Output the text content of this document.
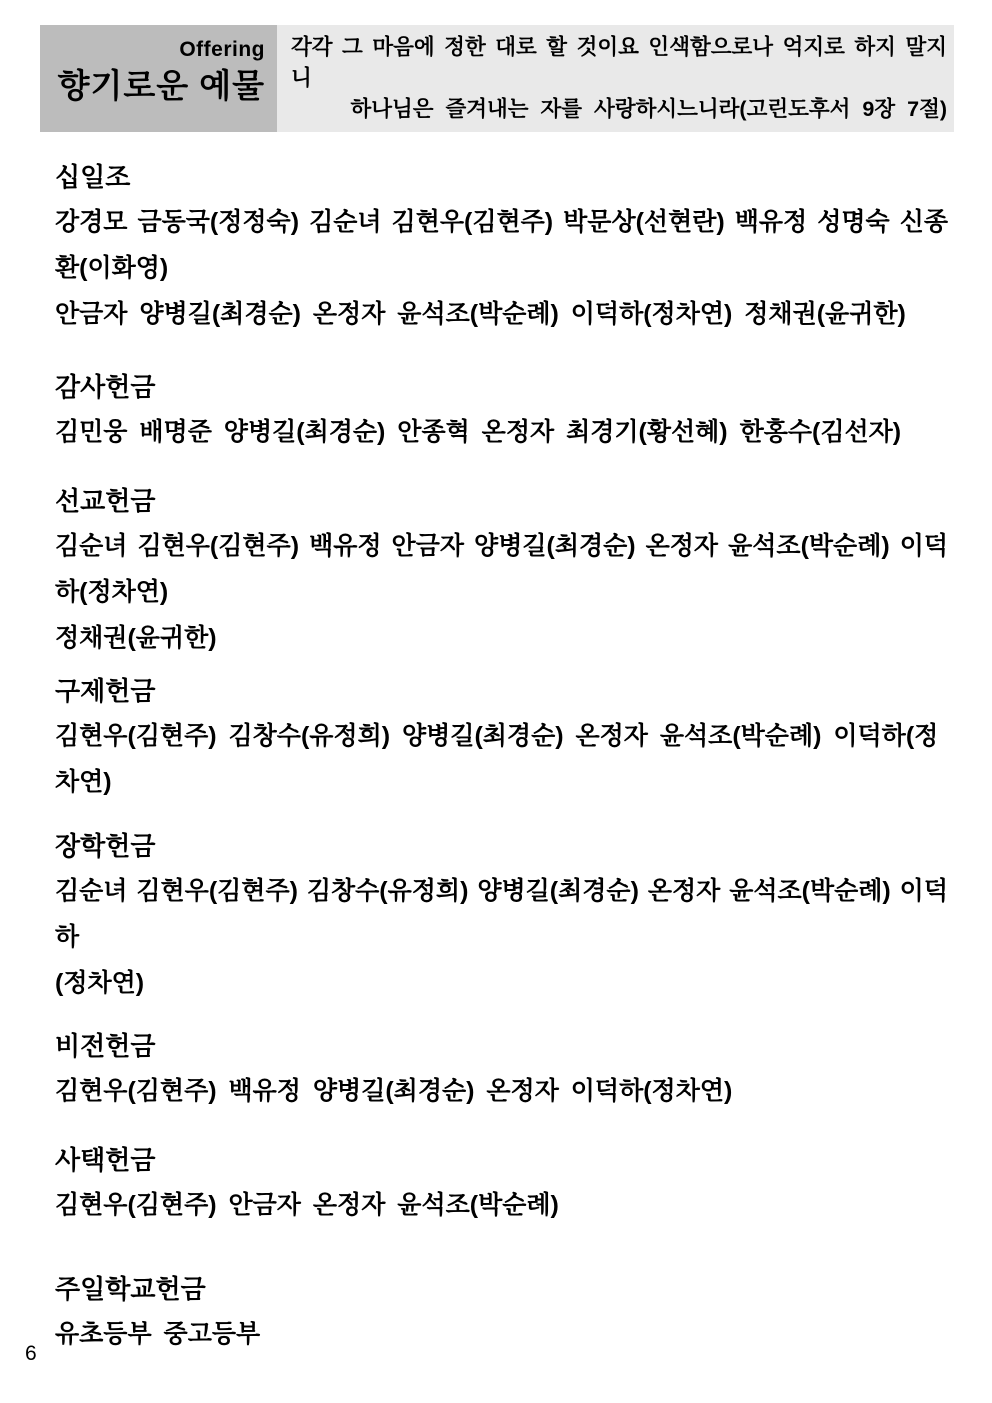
Offering
향기로운 예물
각각 그 마음에 정한 대로 할 것이요 인색함으로나 억지로 하지 말지니
하나님은 즐겨내는 자를 사랑하시느니라(고린도후서 9장 7절)
십일조
강경모 금동국(정정숙) 김순녀 김현우(김현주) 박문상(선현란) 백유정 성명숙 신종환(이화영)
안금자 양병길(최경순) 온정자 윤석조(박순례) 이덕하(정차연) 정채권(윤귀한)
감사헌금
김민웅 배명준 양병길(최경순) 안종혁 온정자 최경기(황선혜) 한홍수(김선자)
선교헌금
김순녀 김현우(김현주) 백유정 안금자 양병길(최경순) 온정자 윤석조(박순례) 이덕하(정차연)
정채권(윤귀한)
구제헌금
김현우(김현주) 김창수(유정희) 양병길(최경순) 온정자 윤석조(박순례) 이덕하(정차연)
장학헌금
김순녀 김현우(김현주) 김창수(유정희) 양병길(최경순) 온정자 윤석조(박순례) 이덕하
(정차연)
비전헌금
김현우(김현주) 백유정 양병길(최경순) 온정자 이덕하(정차연)
사택헌금
김현우(김현주) 안금자 온정자 윤석조(박순례)
주일학교헌금
유초등부 중고등부
6
